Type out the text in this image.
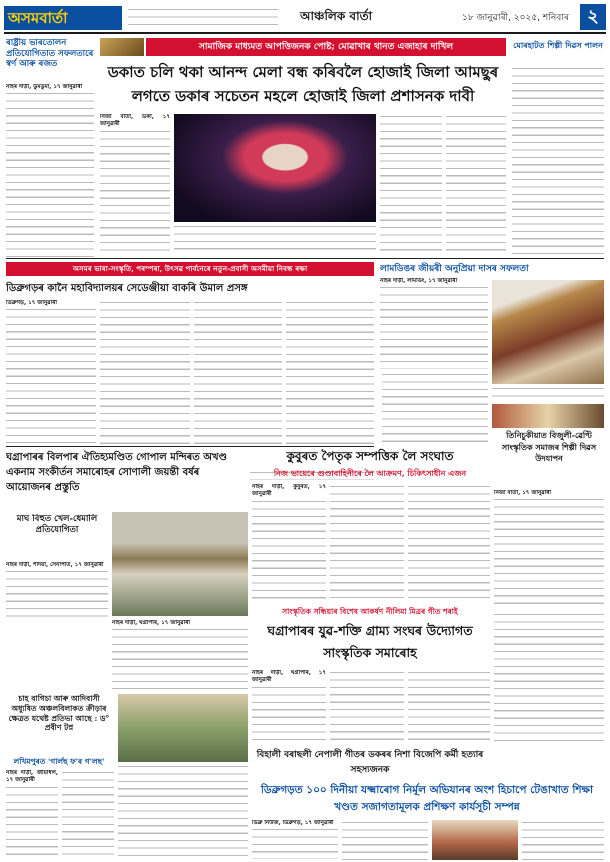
অসমবাৰ্তা	আঞ্চলিক বাৰ্তা	১৮ জানুৱাৰী, ২০২৫, শনিবাৰ	২
ৰাষ্ট্ৰীয় ভাৰতোলন প্ৰতিযোগিতাত সফলতাৰে স্বৰ্ণ আৰু ৰজত
নাহৰ দাড়ী, ডুমডুমা, ১৭ জানুৱাৰী
সামাজিক মাধ্যমত আপত্তিজনক পোষ্ট; মোৱাখাৰ থানত এজাহাৰ দাখিল
ডকাত চলি থকা আনন্দ মেলা বন্ধ কৰিবলৈ হোজাই জিলা আমছুৰ লগতে ডকাৰ সচেতন মহলে হোজাই জিলা প্ৰশাসনক দাবী
নিজা বাৰ্তা, ডকা, ১৭ জানুৱাৰী
মোৰহাটত শিল্পী দিৱস পালন
অসমৰ ভাষা-সংস্কৃতি, পৰম্পৰা, উৎসৱ পাৰ্বনেৰে নতুন-প্ৰবাসী অসমীয়া নিবন্ধ ৰক্ষা	লামডিঙৰ জীয়ৰী অনুপ্ৰিয়া দাসৰ সফলতা
নাহৰ দাড়ী, লামডিং, ১৭ জানুৱাৰী
ডিব্ৰুগড়ৰ কানৈ মহাবিদ্যালয়ৰ সেডেঞ্জীয়া বাকৰি উমাল প্ৰসঙ্গ
ডিব্ৰুগড়, ১৭ জানুৱাৰী
ঘগ্ৰাপাৰৰ বিলপাৰ ঐতিহ্যমণ্ডিত গোপাল মন্দিৰত অখণ্ড একনাম সংকীৰ্তন সমাৰোহৰ সোণালী জয়ন্তী বৰ্ষৰ আয়োজনৰ প্ৰস্তুতি
মাঘ বিহুত খেল-ধেমালি প্ৰতিযোগিতা
নাহৰ দাড়ী, শদিয়া, সেনাপতি, ১৭ জানুৱাৰী
নাহৰ দাড়ী, ঘগ্ৰাপাৰ, ১৭ জানুৱাৰী
কুবুৰত পৈতৃক সম্পত্তিক লৈ সংঘাত
নিজ ভায়েৰে গুণ্ডাবাহিনীৰে লৈ আক্ৰমণ, চিকিৎসাধীন এজন
নাহৰ দাড়ী, কুবুৰত, ১৭ জানুৱাৰী
তিনিচুকীয়াত বিজুলী-ৱেণ্টি সাংস্কৃতিক সমাজৰ শিল্পী দিৱস উদযাপন
নিজা বাৰ্তা, ১৭ জানুৱাৰী
সাংস্কৃতিক সন্ধিয়াৰ বিশেষ আকৰ্ষণ নীলিমা মিত্ৰৰ গীত শৰাই
ঘগ্ৰাপাৰৰ যুৱ-শক্তি গ্ৰাম্য সংঘৰ উদ্যোগত সাংস্কৃতিক সমাৰোহ
নাহৰ দাড়ী, ঘগ্ৰাপাৰ, ১৭ জানুৱাৰী
চাহ বাগিচা আৰু আদিবাসী অধ্যুষিত অঞ্চলবিলাকত ক্ৰীড়াৰ ক্ষেত্ৰত যথেষ্ট প্ৰতিভা আছে : ড° প্ৰবীণ টপ্ন
লখিমপুৰত 'গাৰ্লছ ফ'ৰ গ'লছ'
নাহৰ দাড়ী, জীয়াধল, ১৭ জানুৱাৰী
বিহালী বৰাছলী নেপালী গীতৰ ডকৰৰ নিশা বিজেপি কৰ্মী হত্যাৰ সহস্যজনক
ডিব্ৰুগড়ত ১০০ দিনীয়া যক্ষ্মাৰোগ নিৰ্মূল অভিযানৰ অংশ হিচাপে টেঙাখাত শিক্ষা খণ্ডত সজাগতামূলক প্ৰশিক্ষণ কাৰ্যসূচী সম্পন্ন
ডিব্ৰু নিউজ, ডিব্ৰুগড়, ১৭ জানুৱাৰী
